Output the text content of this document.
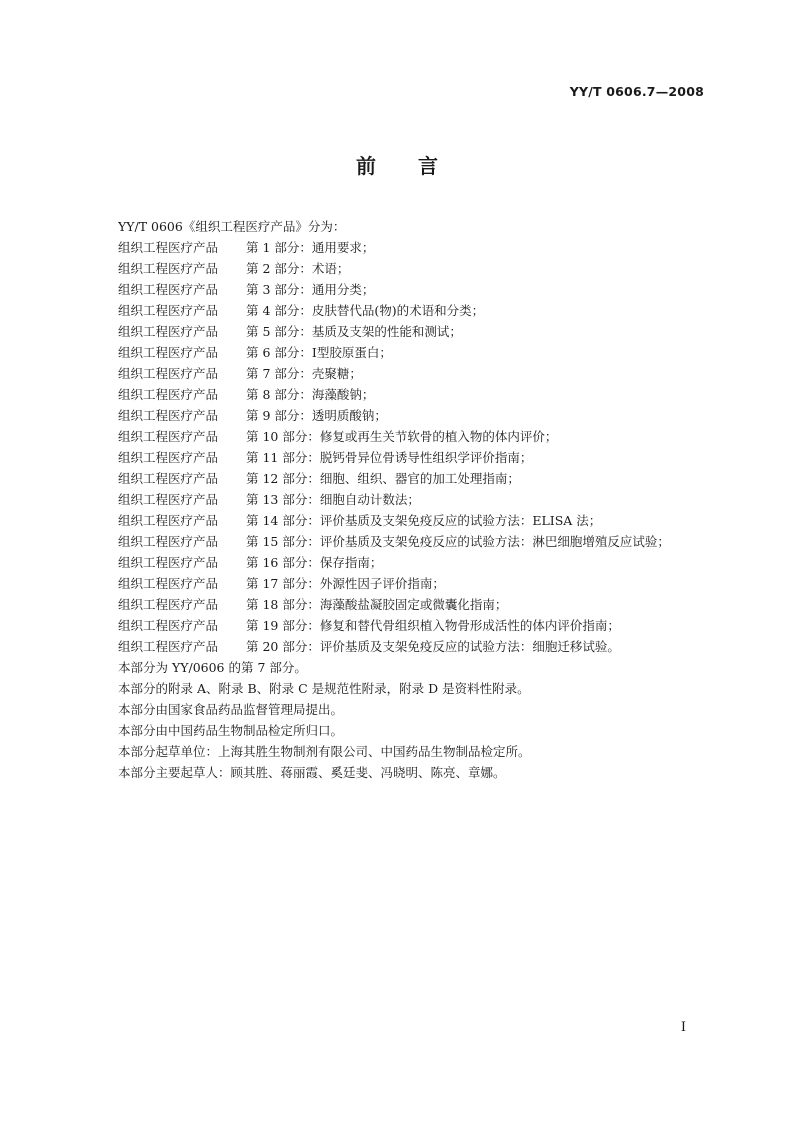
YY/T 0606.7—2008
前言
YY/T 0606《组织工程医疗产品》分为：
组织工程医疗产品 第 1 部分：通用要求；
组织工程医疗产品 第 2 部分：术语；
组织工程医疗产品 第 3 部分：通用分类；
组织工程医疗产品 第 4 部分：皮肤替代品(物)的术语和分类；
组织工程医疗产品 第 5 部分：基质及支架的性能和测试；
组织工程医疗产品 第 6 部分：Ⅰ型胶原蛋白；
组织工程医疗产品 第 7 部分：壳聚糖；
组织工程医疗产品 第 8 部分：海藻酸钠；
组织工程医疗产品 第 9 部分：透明质酸钠；
组织工程医疗产品 第 10 部分：修复或再生关节软骨的植入物的体内评价；
组织工程医疗产品 第 11 部分：脱钙骨异位骨诱导性组织学评价指南；
组织工程医疗产品 第 12 部分：细胞、组织、器官的加工处理指南；
组织工程医疗产品 第 13 部分：细胞自动计数法；
组织工程医疗产品 第 14 部分：评价基质及支架免疫反应的试验方法：ELISA 法；
组织工程医疗产品 第 15 部分：评价基质及支架免疫反应的试验方法：淋巴细胞增殖反应试验；
组织工程医疗产品 第 16 部分：保存指南；
组织工程医疗产品 第 17 部分：外源性因子评价指南；
组织工程医疗产品 第 18 部分：海藻酸盐凝胶固定或微囊化指南；
组织工程医疗产品 第 19 部分：修复和替代骨组织植入物骨形成活性的体内评价指南；
组织工程医疗产品 第 20 部分：评价基质及支架免疫反应的试验方法：细胞迁移试验。
本部分为 YY/0606 的第 7 部分。
本部分的附录 A、附录 B、附录 C 是规范性附录，附录 D 是资料性附录。
本部分由国家食品药品监督管理局提出。
本部分由中国药品生物制品检定所归口。
本部分起草单位：上海其胜生物制剂有限公司、中国药品生物制品检定所。
本部分主要起草人：顾其胜、蒋丽霞、奚廷斐、冯晓明、陈亮、章娜。
I
